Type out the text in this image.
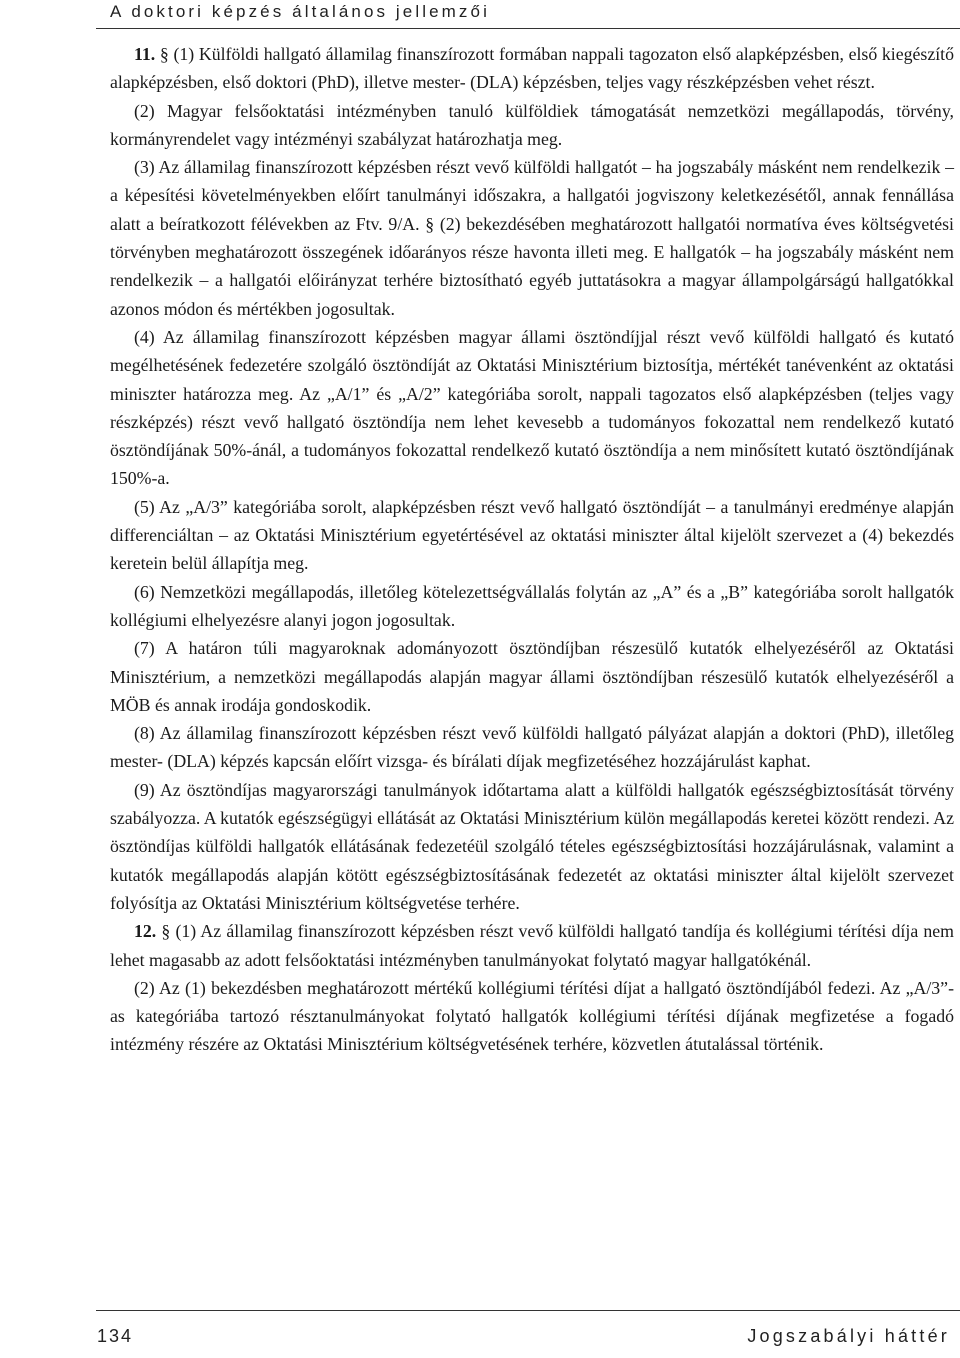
A doktori képzés általános jellemzői

11. § (1) Külföldi hallgató államilag finanszírozott formában nappali tagozaton első alapképzésben, első kiegészítő alapképzésben, első doktori (PhD), illetve mester- (DLA) képzésben, teljes vagy részképzésben vehet részt.

(2) Magyar felsőoktatási intézményben tanuló külföldiek támogatását nemzetközi megállapodás, törvény, kormányrendelet vagy intézményi szabályzat határozhatja meg.

(3) Az államilag finanszírozott képzésben részt vevő külföldi hallgatót – ha jogszabály másként nem rendelkezik – a képesítési követelményekben előírt tanulmányi időszakra, a hallgatói jogviszony keletkezésétől, annak fennállása alatt a beíratkozott félévekben az Ftv. 9/A. § (2) bekezdésében meghatározott hallgatói normatíva éves költségvetési törvényben meghatározott összegének időarányos része havonta illeti meg. E hallgatók – ha jogszabály másként nem rendelkezik – a hallgatói előirányzat terhére biztosítható egyéb juttatásokra a magyar állampolgárságú hallgatókkal azonos módon és mértékben jogosultak.

(4) Az államilag finanszírozott képzésben magyar állami ösztöndíjjal részt vevő külföldi hallgató és kutató megélhetésének fedezetére szolgáló ösztöndíját az Oktatási Minisztérium biztosítja, mértékét tanévenként az oktatási miniszter határozza meg. Az „A/1” és „A/2” kategóriába sorolt, nappali tagozatos első alapképzésben (teljes vagy részképzés) részt vevő hallgató ösztöndíja nem lehet kevesebb a tudományos fokozattal nem rendelkező kutató ösztöndíjának 50%-ánál, a tudományos fokozattal rendelkező kutató ösztöndíja a nem minősített kutató ösztöndíjának 150%-a.

(5) Az „A/3” kategóriába sorolt, alapképzésben részt vevő hallgató ösztöndíját – a tanulmányi eredménye alapján differenciáltan – az Oktatási Minisztérium egyetértésével az oktatási miniszter által kijelölt szervezet a (4) bekezdés keretein belül állapítja meg.

(6) Nemzetközi megállapodás, illetőleg kötelezettségvállalás folytán az „A” és a „B” kategóriába sorolt hallgatók kollégiumi elhelyezésre alanyi jogon jogosultak.

(7) A határon túli magyaroknak adományozott ösztöndíjban részesülő kutatók elhelyezéséről az Oktatási Minisztérium, a nemzetközi megállapodás alapján magyar állami ösztöndíjban részesülő kutatók elhelyezéséről a MÖB és annak irodája gondoskodik.

(8) Az államilag finanszírozott képzésben részt vevő külföldi hallgató pályázat alapján a doktori (PhD), illetőleg mester- (DLA) képzés kapcsán előírt vizsga- és bírálati díjak megfizetéséhez hozzájárulást kaphat.

(9) Az ösztöndíjas magyarországi tanulmányok időtartama alatt a külföldi hallgatók egészségbiztosítását törvény szabályozza. A kutatók egészségügyi ellátását az Oktatási Minisztérium külön megállapodás keretei között rendezi. Az ösztöndíjas külföldi hallgatók ellátásának fedezetéül szolgáló tételes egészségbiztosítási hozzájárulásnak, valamint a kutatók megállapodás alapján kötött egészségbiztosításának fedezetét az oktatási miniszter által kijelölt szervezet folyósítja az Oktatási Minisztérium költségvetése terhére.

12. § (1) Az államilag finanszírozott képzésben részt vevő külföldi hallgató tandíja és kollégiumi térítési díja nem lehet magasabb az adott felsőoktatási intézményben tanulmányokat folytató magyar hallgatókénál.

(2) Az (1) bekezdésben meghatározott mértékű kollégiumi térítési díjat a hallgató ösztöndíjából fedezi. Az „A/3”-as kategóriába tartozó résztanulmányokat folytató hallgatók kollégiumi térítési díjának megfizetése a fogadó intézmény részére az Oktatási Minisztérium költségvetésének terhére, közvetlen átutalással történik.

134	Jogszabályi háttér
